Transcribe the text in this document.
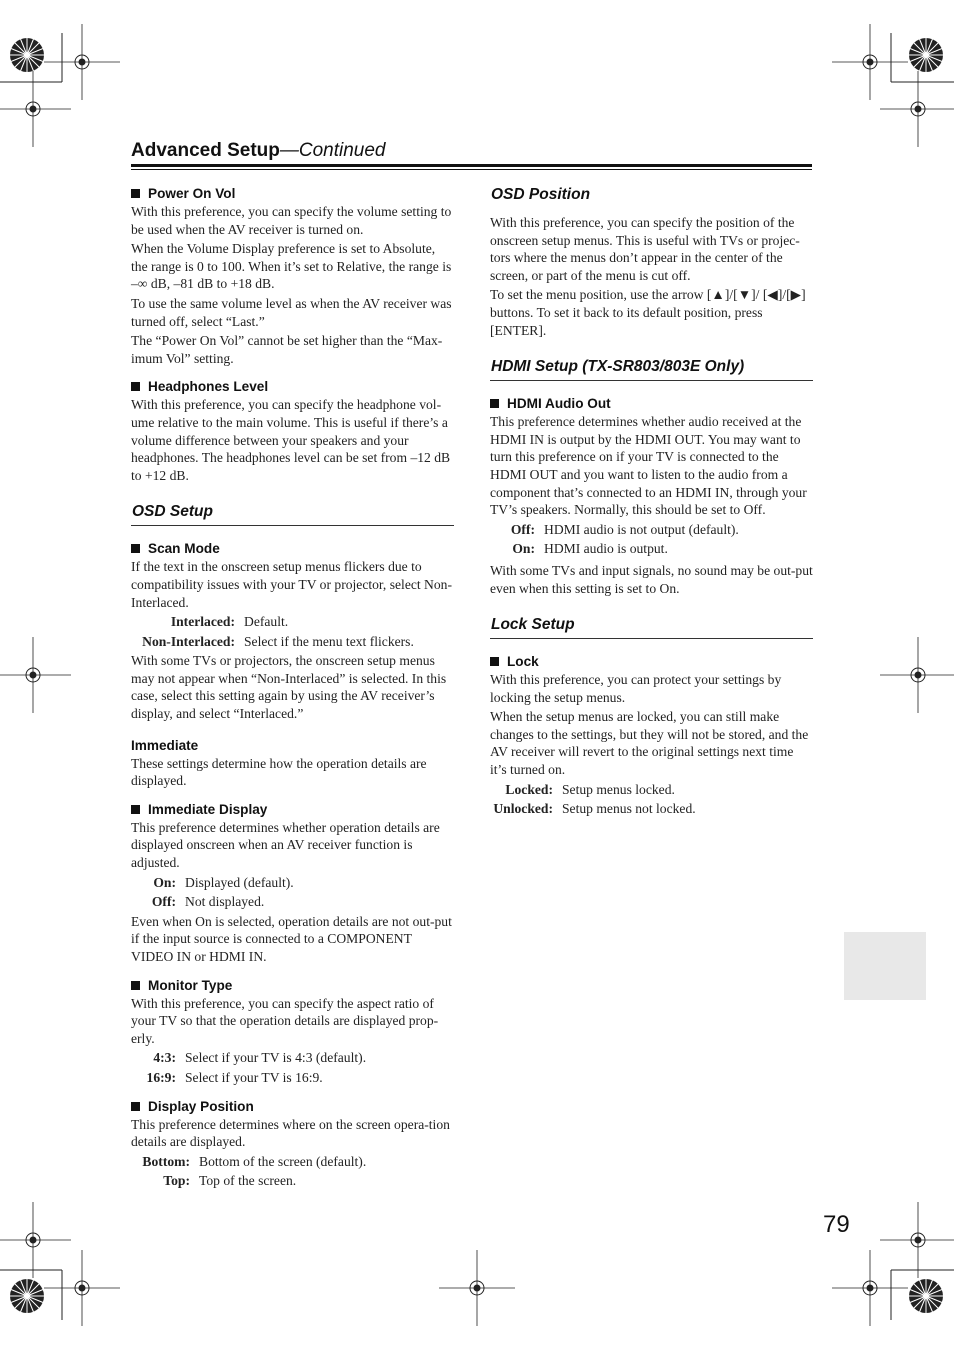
Advanced Setup—Continued
Power On Vol

With this preference, you can specify the volume setting to be used when the AV receiver is turned on.

When the Volume Display preference is set to Absolute, the range is 0 to 100. When it’s set to Relative, the range is –∞ dB, –81 dB to +18 dB.

To use the same volume level as when the AV receiver was turned off, select “Last.”

The “Power On Vol” cannot be set higher than the “Max-imum Vol” setting.

Headphones Level

With this preference, you can specify the headphone vol-ume relative to the main volume. This is useful if there’s a volume difference between your speakers and your headphones. The headphones level can be set from –12 dB to +12 dB.

OSD Setup
Scan Mode

If the text in the onscreen setup menus flickers due to compatibility issues with your TV or projector, select Non-Interlaced.

Interlaced: Default.
Non-Interlaced: Select if the menu text flickers.

With some TVs or projectors, the onscreen setup menus may not appear when “Non-Interlaced” is selected. In this case, select this setting again by using the AV receiver’s display, and select “Interlaced.”

Immediate

These settings determine how the operation details are displayed.

Immediate Display

This preference determines whether operation details are displayed onscreen when an AV receiver function is adjusted.

On: Displayed (default).
Off: Not displayed.

Even when On is selected, operation details are not out-put if the input source is connected to a COMPONENT VIDEO IN or HDMI IN.

Monitor Type

With this preference, you can specify the aspect ratio of your TV so that the operation details are displayed prop-erly.

4:3: Select if your TV is 4:3 (default).
16:9: Select if your TV is 16:9.
Display Position

This preference determines where on the screen opera-tion details are displayed.

Bottom: Bottom of the screen (default).
Top: Top of the screen.
OSD Position

With this preference, you can specify the position of the onscreen setup menus. This is useful with TVs or projec-tors where the menus don’t appear in the center of the screen, or part of the menu is cut off.

To set the menu position, use the arrow [▲]/[▼]/ [◀]/[▶] buttons. To set it back to its default position, press [ENTER].

HDMI Setup (TX-SR803/803E Only)
HDMI Audio Out

This preference determines whether audio received at the HDMI IN is output by the HDMI OUT. You may want to turn this preference on if your TV is connected to the HDMI OUT and you want to listen to the audio from a component that’s connected to an HDMI IN, through your TV’s speakers. Normally, this should be set to Off.

Off: HDMI audio is not output (default).
On: HDMI audio is output.

With some TVs and input signals, no sound may be out-put even when this setting is set to On.

Lock Setup
Lock

With this preference, you can protect your settings by locking the setup menus.

When the setup menus are locked, you can still make changes to the settings, but they will not be stored, and the AV receiver will revert to the original settings next time it’s turned on.

Locked: Setup menus locked.
Unlocked: Setup menus not locked.
79
